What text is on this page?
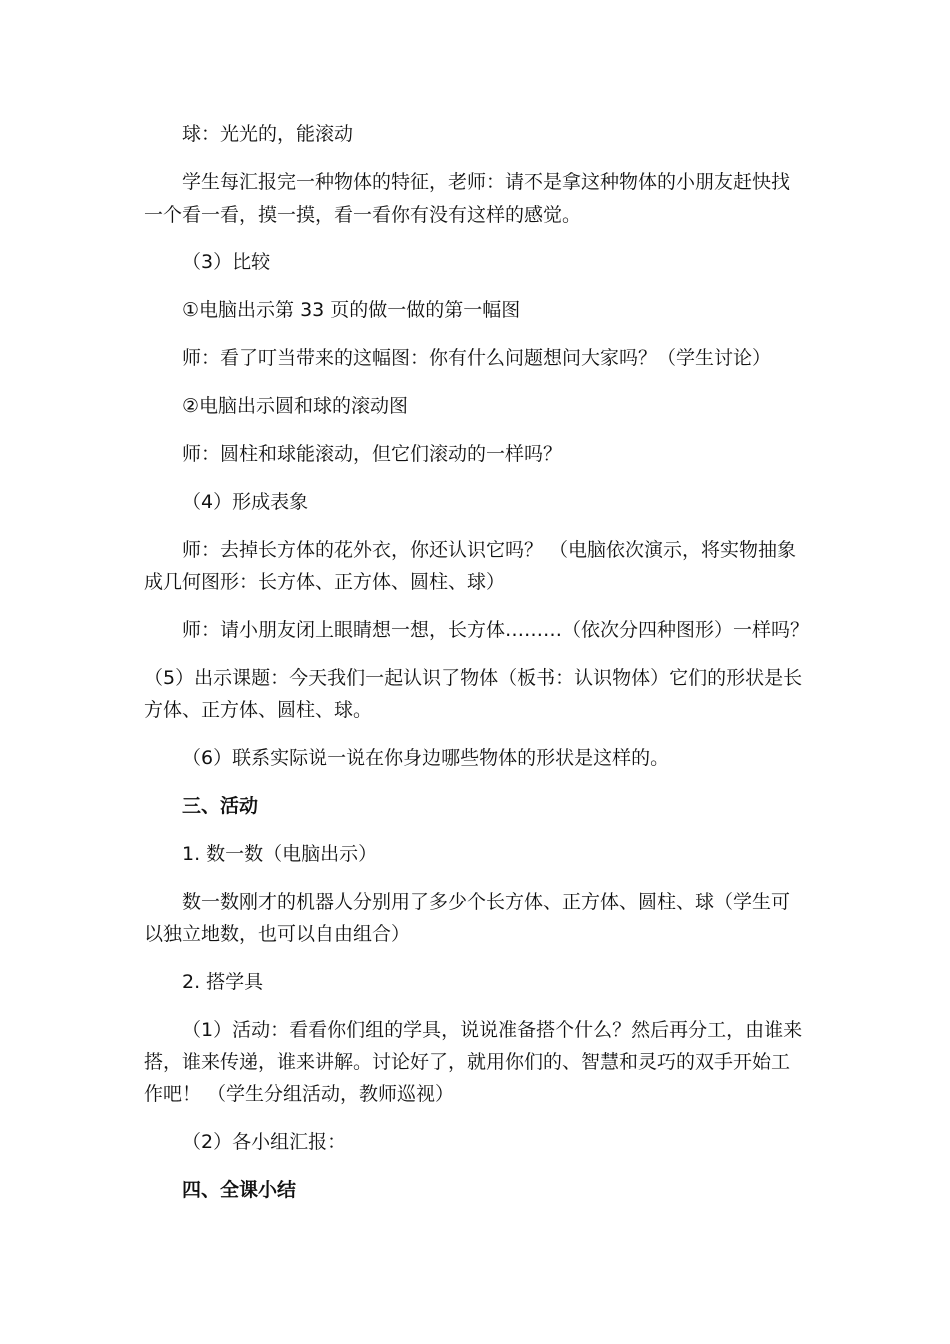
球：光光的，能滚动

学生每汇报完一种物体的特征，老师：请不是拿这种物体的小朋友赶快找

一个看一看，摸一摸，看一看你有没有这样的感觉。

（3）比较

①电脑出示第 33 页的做一做的第一幅图

师：看了叮当带来的这幅图：你有什么问题想问大家吗？（学生讨论）

②电脑出示圆和球的滚动图

师：圆柱和球能滚动，但它们滚动的一样吗？

（4）形成表象

师：去掉长方体的花外衣，你还认识它吗？ （电脑依次演示，将实物抽象

成几何图形：长方体、正方体、圆柱、球）

师：请小朋友闭上眼睛想一想，长方体………（依次分四种图形）一样吗？

（5）出示课题：今天我们一起认识了物体（板书：认识物体）它们的形状是长

方体、正方体、圆柱、球。

（6）联系实际说一说在你身边哪些物体的形状是这样的。

三、活动

1. 数一数（电脑出示）

数一数刚才的机器人分别用了多少个长方体、正方体、圆柱、球（学生可

以独立地数，也可以自由组合）

2. 搭学具

（1）活动：看看你们组的学具，说说准备搭个什么？然后再分工，由谁来

搭，谁来传递，谁来讲解。讨论好了，就用你们的、智慧和灵巧的双手开始工

作吧！ （学生分组活动，教师巡视）

（2）各小组汇报：

四、全课小结
